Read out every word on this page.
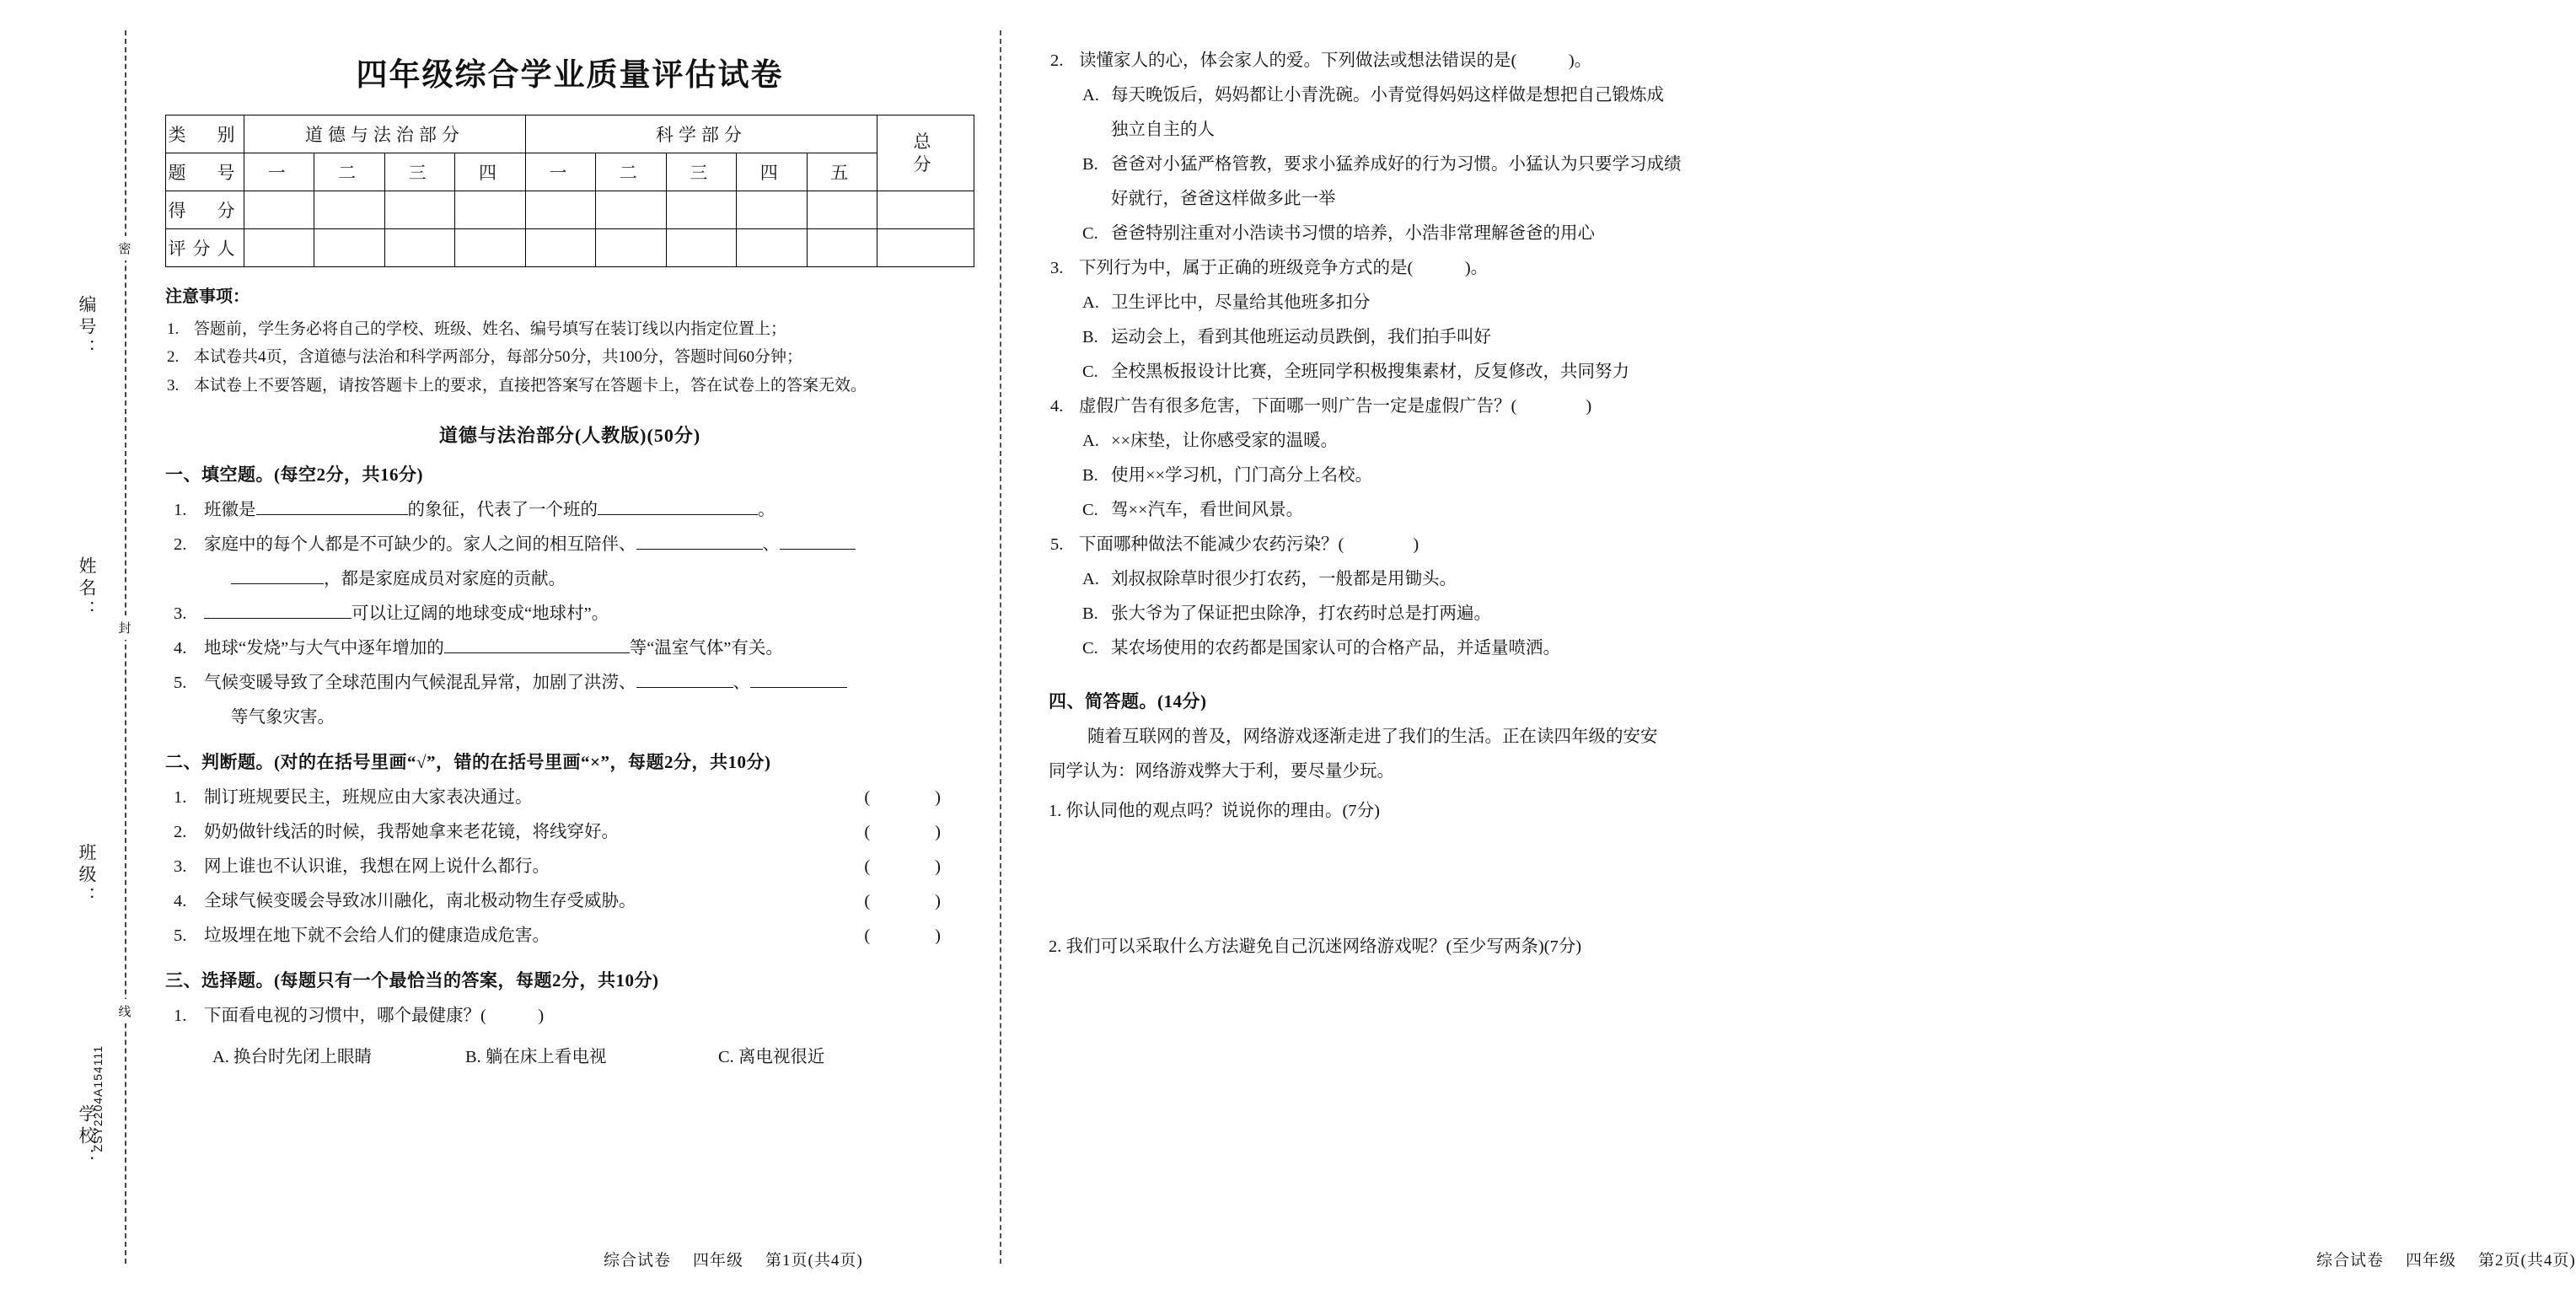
密
封
线
编号：
姓名：
班级：
学校：
ZSY2204A154111
四年级综合学业质量评估试卷
类　别	道德与法治部分				科学部分					总
分

题　号	一	二	三	四	一	二	三	四	五	
得　分										
评分人										
注意事项：
1. 答题前，学生务必将自己的学校、班级、姓名、编号填写在装订线以内指定位置上；
2. 本试卷共4页，含道德与法治和科学两部分，每部分50分，共100分，答题时间60分钟；
3. 本试卷上不要答题，请按答题卡上的要求，直接把答案写在答题卡上，答在试卷上的答案无效。
道德与法治部分(人教版)(50分)
一、填空题。(每空2分，共16分)
1. 班徽是	的象征，代表了一个班的	。
2. 家庭中的每个人都是不可缺少的。家人之间的相互陪伴、	、
，都是家庭成员对家庭的贡献。
3.	可以让辽阔的地球变成“地球村”。
4. 地球“发烧”与大气中逐年增加的	等“温室气体”有关。
5. 气候变暖导致了全球范围内气候混乱异常，加剧了洪涝、	、
等气象灾害。
二、判断题。(对的在括号里画“√”，错的在括号里画“×”，每题2分，共10分)
(　　)
1. 制订班规要民主，班规应由大家表决通过。
(　　)
2. 奶奶做针线活的时候，我帮她拿来老花镜，将线穿好。
(　　)
3. 网上谁也不认识谁，我想在网上说什么都行。
(　　)
4. 全球气候变暖会导致冰川融化，南北极动物生存受威胁。
(　　)
5. 垃圾埋在地下就不会给人们的健康造成危害。
三、选择题。(每题只有一个最恰当的答案，每题2分，共10分)
1. 下面看电视的习惯中，哪个最健康？(　　　)
A. 换台时先闭上眼睛	B. 躺在床上看电视	C. 离电视很近
综合试卷 四年级 第1页(共4页)
2. 读懂家人的心，体会家人的爱。下列做法或想法错误的是(　　　)。
A. 每天晚饭后，妈妈都让小青洗碗。小青觉得妈妈这样做是想把自己锻炼成
独立自主的人
B. 爸爸对小猛严格管教，要求小猛养成好的行为习惯。小猛认为只要学习成绩
好就行，爸爸这样做多此一举
C. 爸爸特别注重对小浩读书习惯的培养，小浩非常理解爸爸的用心
3. 下列行为中，属于正确的班级竞争方式的是(　　　)。
A. 卫生评比中，尽量给其他班多扣分
B. 运动会上，看到其他班运动员跌倒，我们拍手叫好
C. 全校黑板报设计比赛，全班同学积极搜集素材，反复修改，共同努力
4. 虚假广告有很多危害，下面哪一则广告一定是虚假广告？(　　　　)
A. ××床垫，让你感受家的温暖。
B. 使用××学习机，门门高分上名校。
C. 驾××汽车，看世间风景。
5. 下面哪种做法不能减少农药污染？(　　　　)
A. 刘叔叔除草时很少打农药，一般都是用锄头。
B. 张大爷为了保证把虫除净，打农药时总是打两遍。
C. 某农场使用的农药都是国家认可的合格产品，并适量喷洒。
四、简答题。(14分)
随着互联网的普及，网络游戏逐渐走进了我们的生活。正在读四年级的安安
同学认为：网络游戏弊大于利，要尽量少玩。
1. 你认同他的观点吗？说说你的理由。(7分)
2. 我们可以采取什么方法避免自己沉迷网络游戏呢？(至少写两条)(7分)
综合试卷 四年级 第2页(共4页)
